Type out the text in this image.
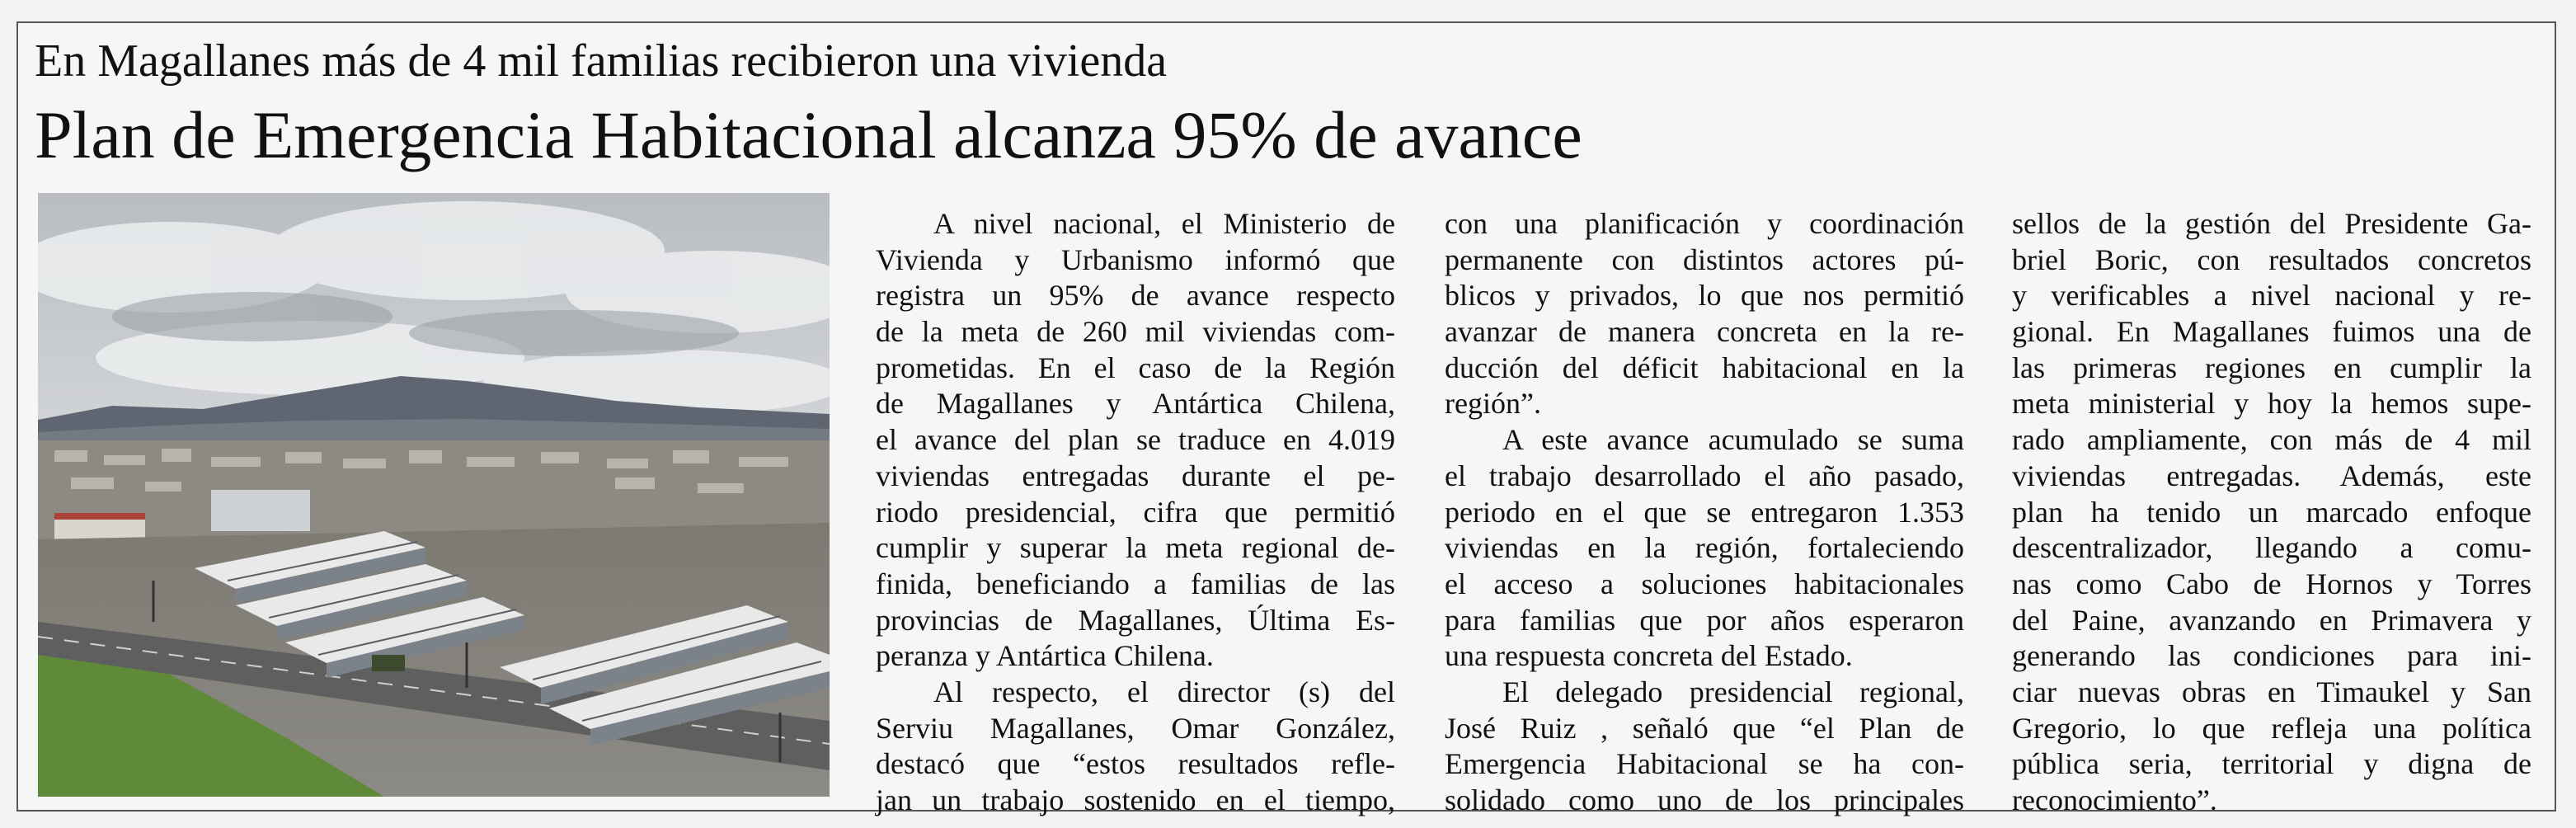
En Magallanes más de 4 mil familias recibieron una vivienda
Plan de Emergencia Habitacional alcanza 95% de avance
A nivel nacional, el Ministerio de
Vivienda y Urbanismo informó que
registra un 95% de avance respecto
de la meta de 260 mil viviendas com-
prometidas. En el caso de la Región
de Magallanes y Antártica Chilena,
el avance del plan se traduce en 4.019
viviendas entregadas durante el pe-
riodo presidencial, cifra que permitió
cumplir y superar la meta regional de-
finida, beneficiando a familias de las
provincias de Magallanes, Última Es-
peranza y Antártica Chilena.
Al respecto, el director (s) del
Serviu Magallanes, Omar González,
destacó que “estos resultados refle-
jan un trabajo sostenido en el tiempo,
con una planificación y coordinación
permanente con distintos actores pú-
blicos y privados, lo que nos permitió
avanzar de manera concreta en la re-
ducción del déficit habitacional en la
región”.
A este avance acumulado se suma
el trabajo desarrollado el año pasado,
periodo en el que se entregaron 1.353
viviendas en la región, fortaleciendo
el acceso a soluciones habitacionales
para familias que por años esperaron
una respuesta concreta del Estado.
El delegado presidencial regional,
José Ruiz , señaló que “el Plan de
Emergencia Habitacional se ha con-
solidado como uno de los principales
sellos de la gestión del Presidente Ga-
briel Boric, con resultados concretos
y verificables a nivel nacional y re-
gional. En Magallanes fuimos una de
las primeras regiones en cumplir la
meta ministerial y hoy la hemos supe-
rado ampliamente, con más de 4 mil
viviendas entregadas. Además, este
plan ha tenido un marcado enfoque
descentralizador, llegando a comu-
nas como Cabo de Hornos y Torres
del Paine, avanzando en Primavera y
generando las condiciones para ini-
ciar nuevas obras en Timaukel y San
Gregorio, lo que refleja una política
pública seria, territorial y digna de
reconocimiento”.
